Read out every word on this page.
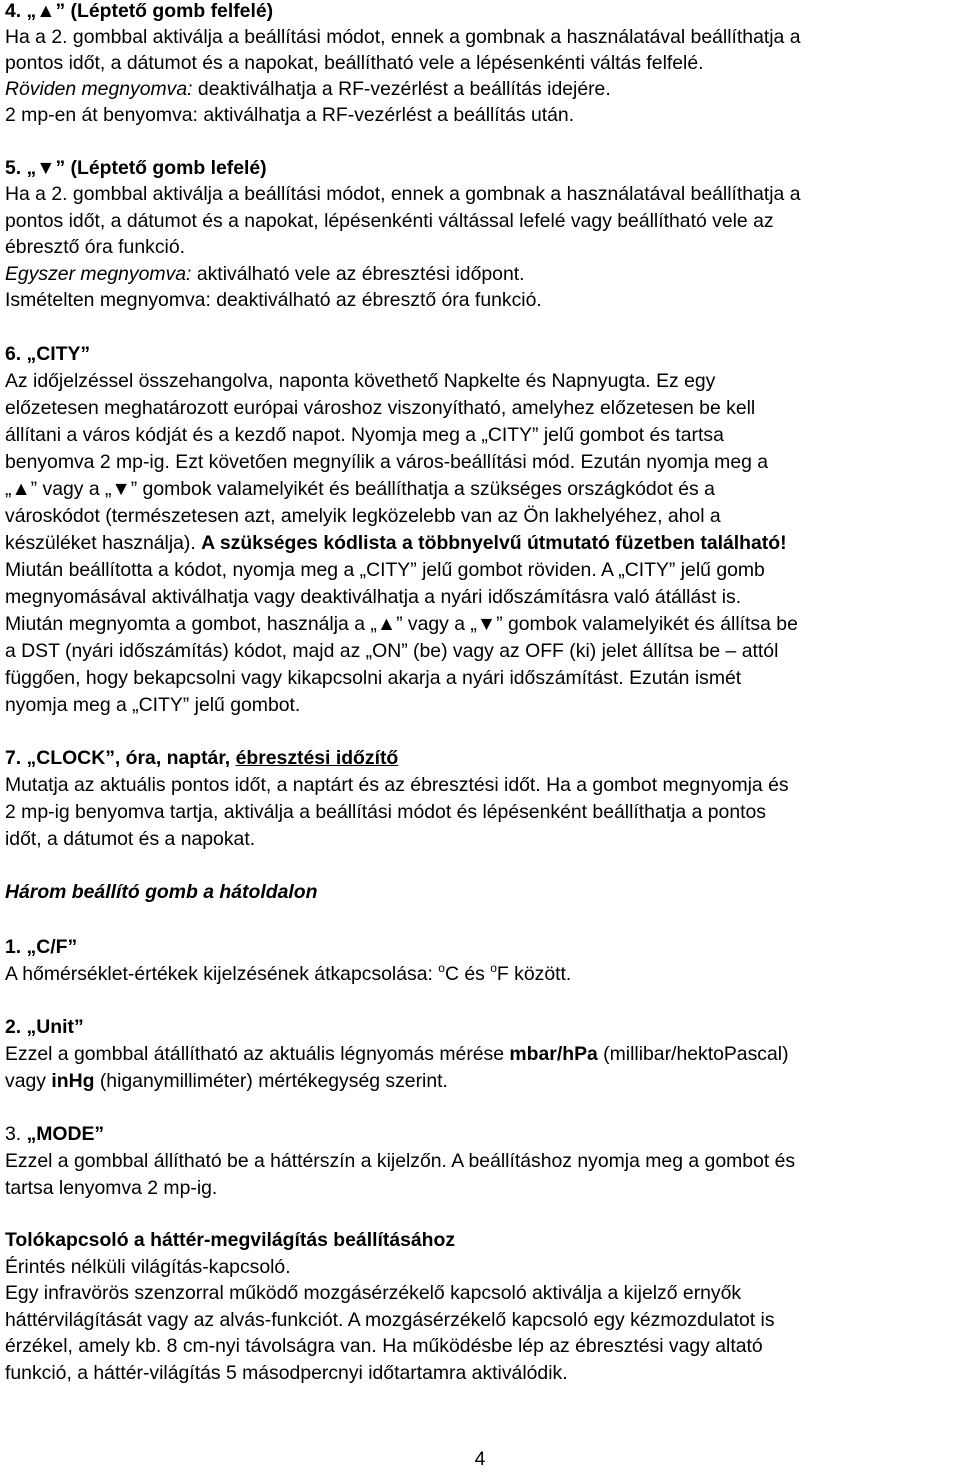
4. „▲” (Léptető gomb felfelé)
Ha a 2. gombbal aktiválja a beállítási módot, ennek a gombnak a használatával beállíthatja a
pontos időt, a dátumot és a napokat, beállítható vele a lépésenkénti váltás felfelé.
Röviden megnyomva: deaktiválhatja a RF-vezérlést a beállítás idejére.
2 mp-en át benyomva: aktiválhatja a RF-vezérlést a beállítás után.
5. „▼” (Léptető gomb lefelé)
Ha a 2. gombbal aktiválja a beállítási módot, ennek a gombnak a használatával beállíthatja a
pontos időt, a dátumot és a napokat, lépésenkénti váltással lefelé vagy beállítható vele az
ébresztő óra funkció.
Egyszer megnyomva: aktiválható vele az ébresztési időpont.
Ismételten megnyomva: deaktiválható az ébresztő óra funkció.
6. „CITY”
Az időjelzéssel összehangolva, naponta követhető Napkelte és Napnyugta. Ez egy
előzetesen meghatározott európai városhoz viszonyítható, amelyhez előzetesen be kell
állítani a város kódját és a kezdő napot. Nyomja meg a „CITY” jelű gombot és tartsa
benyomva 2 mp-ig. Ezt követően megnyílik a város-beállítási mód. Ezután nyomja meg a
„▲” vagy a „▼” gombok valamelyikét és beállíthatja a szükséges országkódot és a
városkódot (természetesen azt, amelyik legközelebb van az Ön lakhelyéhez, ahol a
készüléket használja). A szükséges kódlista a többnyelvű útmutató füzetben található!
Miután beállította a kódot, nyomja meg a „CITY” jelű gombot röviden. A „CITY” jelű gomb
megnyomásával aktiválhatja vagy deaktiválhatja a nyári időszámításra való átállást is.
Miután megnyomta a gombot, használja a „▲” vagy a „▼” gombok valamelyikét és állítsa be
a DST (nyári időszámítás) kódot, majd az „ON” (be) vagy az OFF (ki) jelet állítsa be – attól
függően, hogy bekapcsolni vagy kikapcsolni akarja a nyári időszámítást. Ezután ismét
nyomja meg a „CITY” jelű gombot.
7. „CLOCK”, óra, naptár, ébresztési időzítő
Mutatja az aktuális pontos időt, a naptárt és az ébresztési időt. Ha a gombot megnyomja és
2 mp-ig benyomva tartja, aktiválja a beállítási módot és lépésenként beállíthatja a pontos
időt, a dátumot és a napokat.
Három beállító gomb a hátoldalon
1. „C/F”
A hőmérséklet-értékek kijelzésének átkapcsolása: $^o$C és $^o$F között.
2. „Unit”
Ezzel a gombbal átállítható az aktuális légnyomás mérése mbar/hPa (millibar/hektoPascal)
vagy inHg (higanymilliméter) mértékegység szerint.
3. „MODE”
Ezzel a gombbal állítható be a háttérszín a kijelzőn. A beállításhoz nyomja meg a gombot és
tartsa lenyomva 2 mp-ig.
Tolókapcsoló a háttér-megvilágítás beállításához
Érintés nélküli világítás-kapcsoló.
Egy infravörös szenzorral működő mozgásérzékelő kapcsoló aktiválja a kijelző ernyők
háttérvilágítását vagy az alvás-funkciót. A mozgásérzékelő kapcsoló egy kézmozdulatot is
érzékel, amely kb. 8 cm-nyi távolságra van. Ha működésbe lép az ébresztési vagy altató
funkció, a háttér-világítás 5 másodpercnyi időtartamra aktiválódik.
4
